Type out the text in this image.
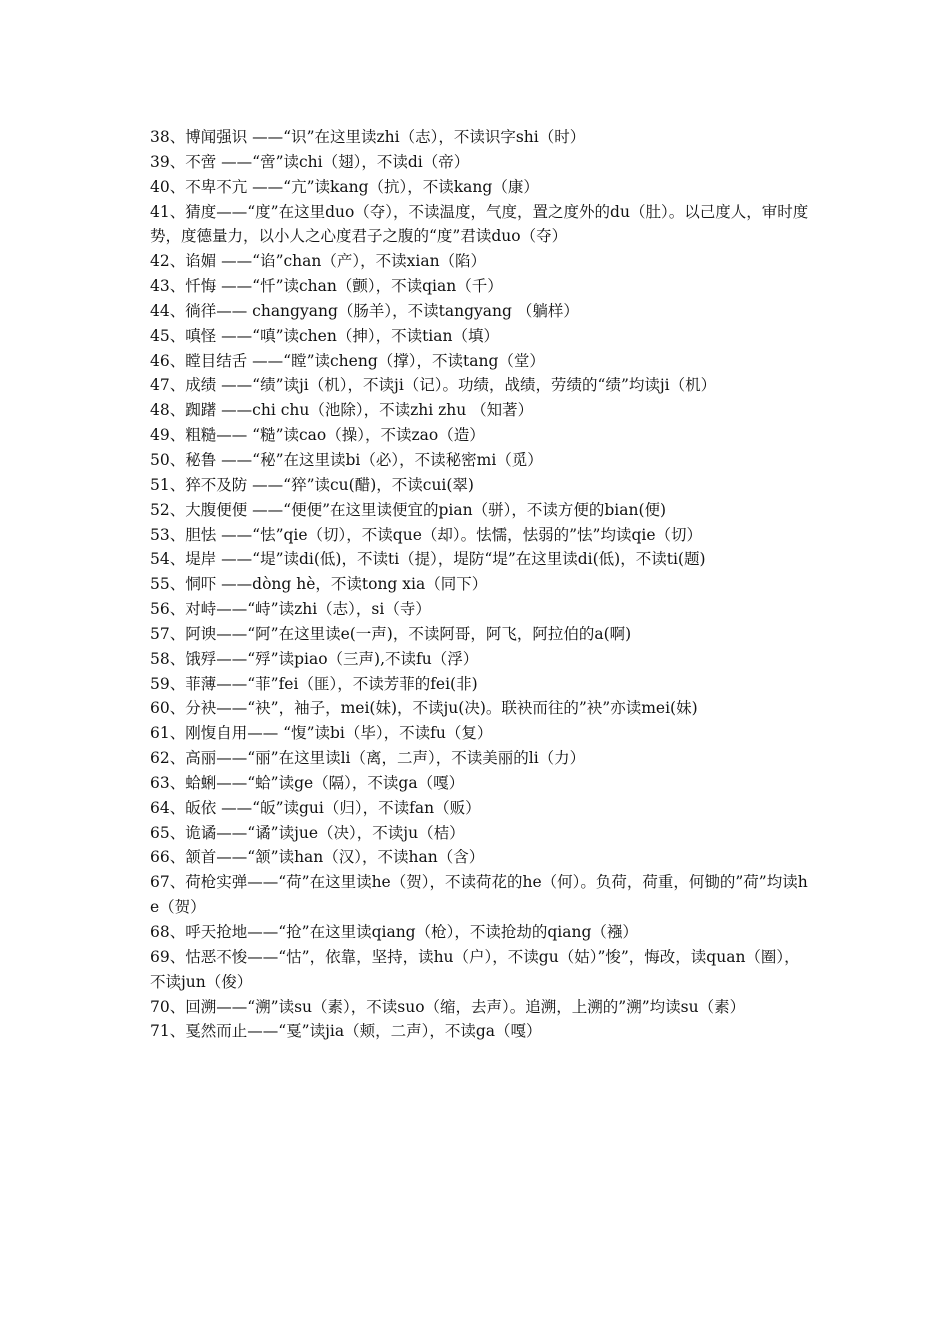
38、博闻强识 ——“识”在这里读zhi（志），不读识字shi（时）

39、不啻 ——“啻”读chi（翅），不读di（帝）

40、不卑不亢 ——“亢”读kang（抗），不读kang（康）

41、猜度——“度”在这里duo（夺），不读温度，气度，置之度外的du（肚）。以己度人，审时度势，度德量力，以小人之心度君子之腹的“度”君读duo（夺）

42、谄媚 ——“谄”chan（产），不读xian（陷）

43、忏悔 ——“忏”读chan（颤），不读qian（千）

44、徜徉—— changyang（肠羊），不读tangyang （躺样）

45、嗔怪 ——“嗔”读chen（抻），不读tian（填）

46、瞠目结舌 ——“瞠”读cheng（撑），不读tang（堂）

47、成绩 ——“绩”读ji（机），不读ji（记）。功绩，战绩，劳绩的“绩”均读ji（机）

48、踟躇 ——chi chu（池除），不读zhi zhu （知著）

49、粗糙—— “糙”读cao（操），不读zao（造）

50、秘鲁 ——“秘”在这里读bi（必），不读秘密mi（觅）

51、猝不及防 ——“猝”读cu(醋)，不读cui(翠)

52、大腹便便 ——“便便”在这里读便宜的pian（骈），不读方便的bian(便)

53、胆怯 ——“怯”qie（切），不读que（却）。怯懦，怯弱的”怯”均读qie（切）

54、堤岸 ——“堤”读di(低)，不读ti（提），堤防“堤”在这里读di(低)，不读ti(题)

55、恫吓 ——dòng hè，不读tong xia（同下）

56、对峙——“峙”读zhi（志），si（寺）

57、阿谀——“阿”在这里读e(一声)，不读阿哥，阿飞，阿拉伯的a(啊)

58、饿殍——“殍”读piao（三声),不读fu（浮）

59、菲薄——“菲”fei（匪），不读芳菲的fei(非)

60、分袂——“袂”，袖子，mei(妹)，不读ju(决)。联袂而往的”袂”亦读mei(妹)

61、刚愎自用—— “愎”读bi（毕），不读fu（复）

62、高丽——“丽”在这里读li（离，二声），不读美丽的li（力）

63、蛤蜊——“蛤”读ge（隔），不读ga（嘎）

64、皈依 ——“皈”读gui（归），不读fan（贩）

65、诡谲——“谲”读jue（决），不读ju（桔）

66、颔首——“颔”读han（汉），不读han（含）

67、荷枪实弹——“荷”在这里读he（贺），不读荷花的he（何）。负荷，荷重，何锄的”荷”均读he（贺）

68、呼天抢地——“抢”在这里读qiang（枪），不读抢劫的qiang（襁）

69、怙恶不悛——“怙”，依靠，坚持，读hu（户），不读gu（姑）”悛”，悔改，读quan（圈），不读jun（俊）

70、回溯——“溯”读su（素），不读suo（缩，去声）。追溯，上溯的”溯”均读su（素）

71、戛然而止——“戛”读jia（颊，二声），不读ga（嘎）
